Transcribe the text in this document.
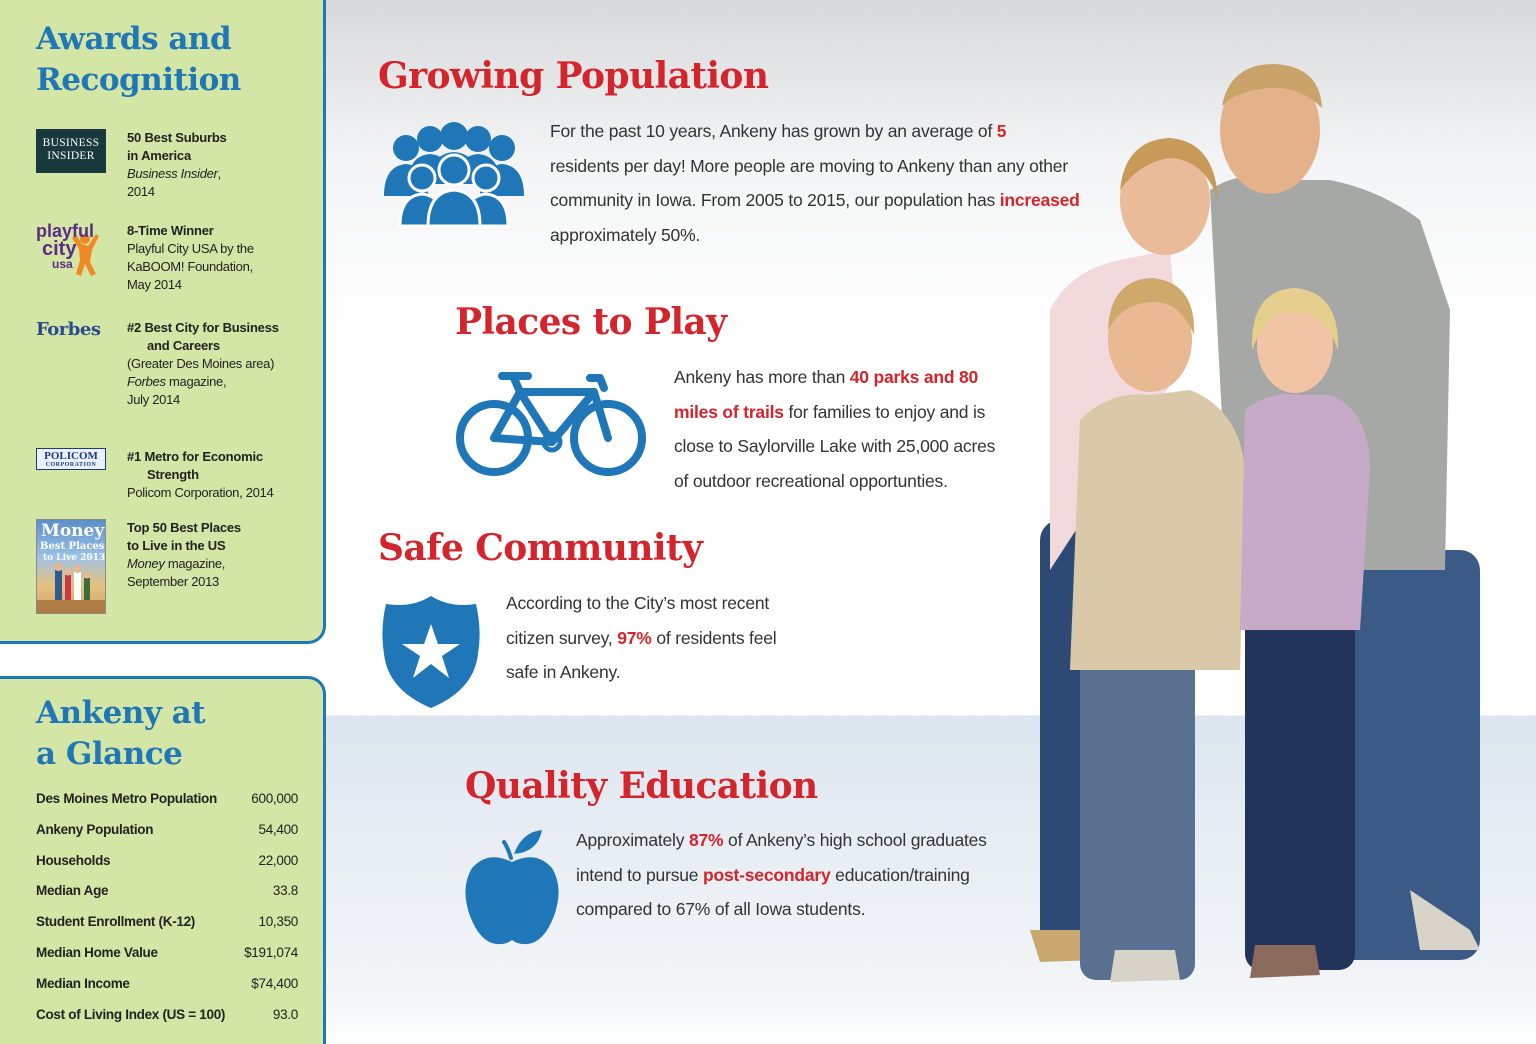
Awards and
Recognition
BUSINESS
INSIDER
50 Best Suburbs
in America
Business Insider,
2014
playful
city
usa
8-Time Winner
Playful City USA by the
KaBOOM! Foundation,
May 2014
Forbes #2 Best City for Business
and Careers
(Greater Des Moines area)
Forbes magazine,
July 2014
POLICOM
CORPORATION
#1 Metro for Economic
Strength
Policom Corporation, 2014
Money
Best Places
to Live 2013
Top 50 Best Places
to Live in the US
Money magazine,
September 2013
Ankeny at
a Glance
Des Moines Metro Population	600,000
Ankeny Population	54,400
Households	22,000
Median Age	33.8
Student Enrollment (K-12)	10,350
Median Home Value	$191,074
Median Income	$74,400
Cost of Living Index (US = 100)	93.0
Growing Population
For the past 10 years, Ankeny has grown by an average of 5 residents per day! More people are moving to Ankeny than any other community in Iowa. From 2005 to 2015, our population has increased approximately 50%.
Places to Play
Ankeny has more than 40 parks and 80 miles of trails for families to enjoy and is close to Saylorville Lake with 25,000 acres of outdoor recreational opportunties.
Safe Community
According to the City’s most recent citizen survey, 97% of residents feel safe in Ankeny.
Quality Education
Approximately 87% of Ankeny’s high school graduates intend to pursue post-secondary education/training compared to 67% of all Iowa students.
